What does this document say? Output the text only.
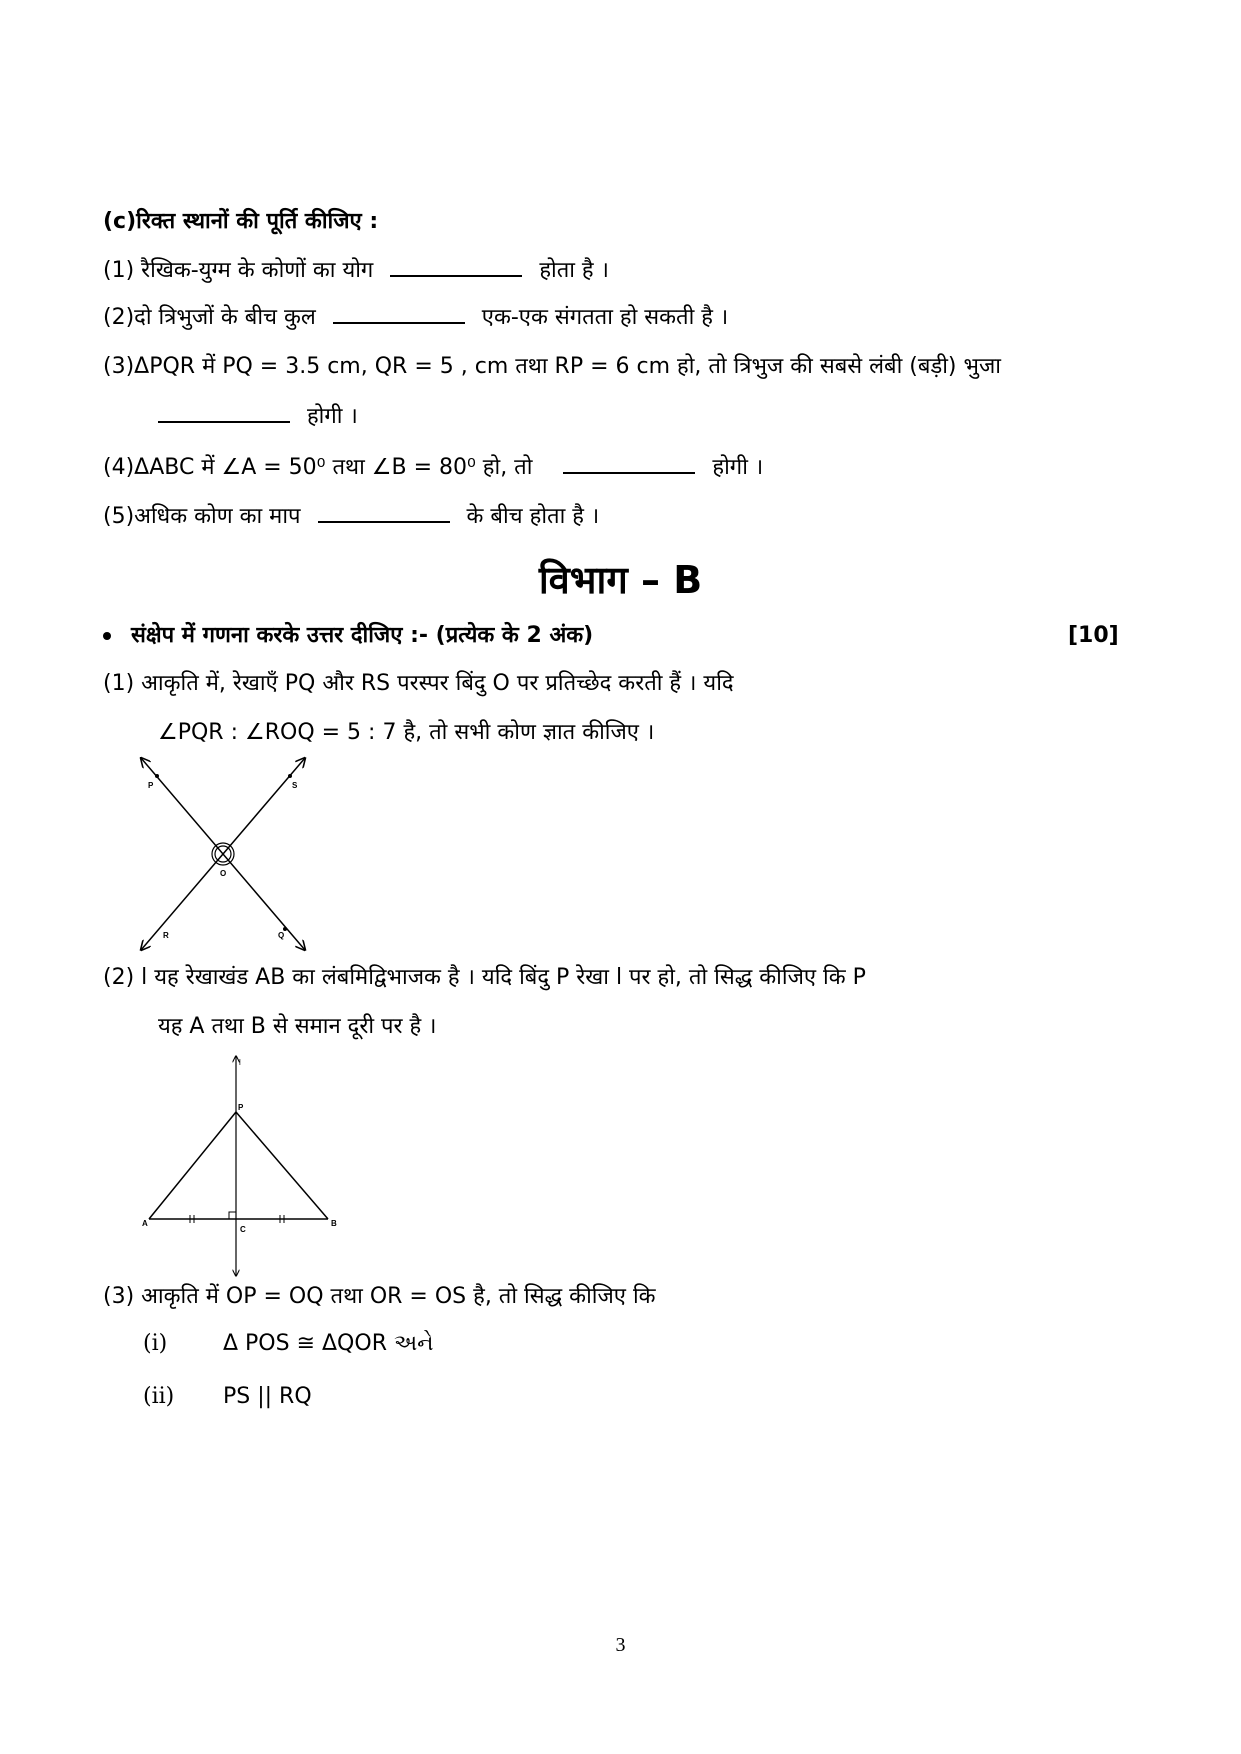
(c)रिक्त स्थानों की पूर्ति कीजिए :
(1) रैखिक-युग्म के कोणों का योग	होता है ।
(2)दो त्रिभुजों के बीच कुल	एक-एक संगतता हो सकती है ।
(3)ΔPQR में PQ = 3.5 cm, QR = 5 , cm तथा RP = 6 cm हो, तो त्रिभुज की सबसे लंबी (बड़ी) भुजा
होगी ।
(4)ΔABC में ∠A = 50⁰ तथा ∠B = 80⁰ हो, तो	होगी ।
(5)अधिक कोण का माप	के बीच होता है ।
विभाग – B
संक्षेप में गणना करके उत्तर दीजिए :- (प्रत्येक के 2 अंक)	[10]
(1) आकृति में, रेखाएँ PQ और RS परस्पर बिंदु O पर प्रतिच्छेद करती हैं । यदि
∠PQR : ∠ROQ = 5 : 7 है, तो सभी कोण ज्ञात कीजिए ।
P	S
O
R	Q
(2) l यह रेखाखंड AB का लंबमिद्विभाजक है । यदि बिंदु P रेखा l पर हो, तो सिद्ध कीजिए कि P
यह A तथा B से समान दूरी पर है ।
l
P
A	B
C
(3) आकृति में OP = OQ तथा OR = OS है, तो सिद्ध कीजिए कि
(i)	Δ POS ≅ ΔQOR અને
(ii) PS || RQ
3
